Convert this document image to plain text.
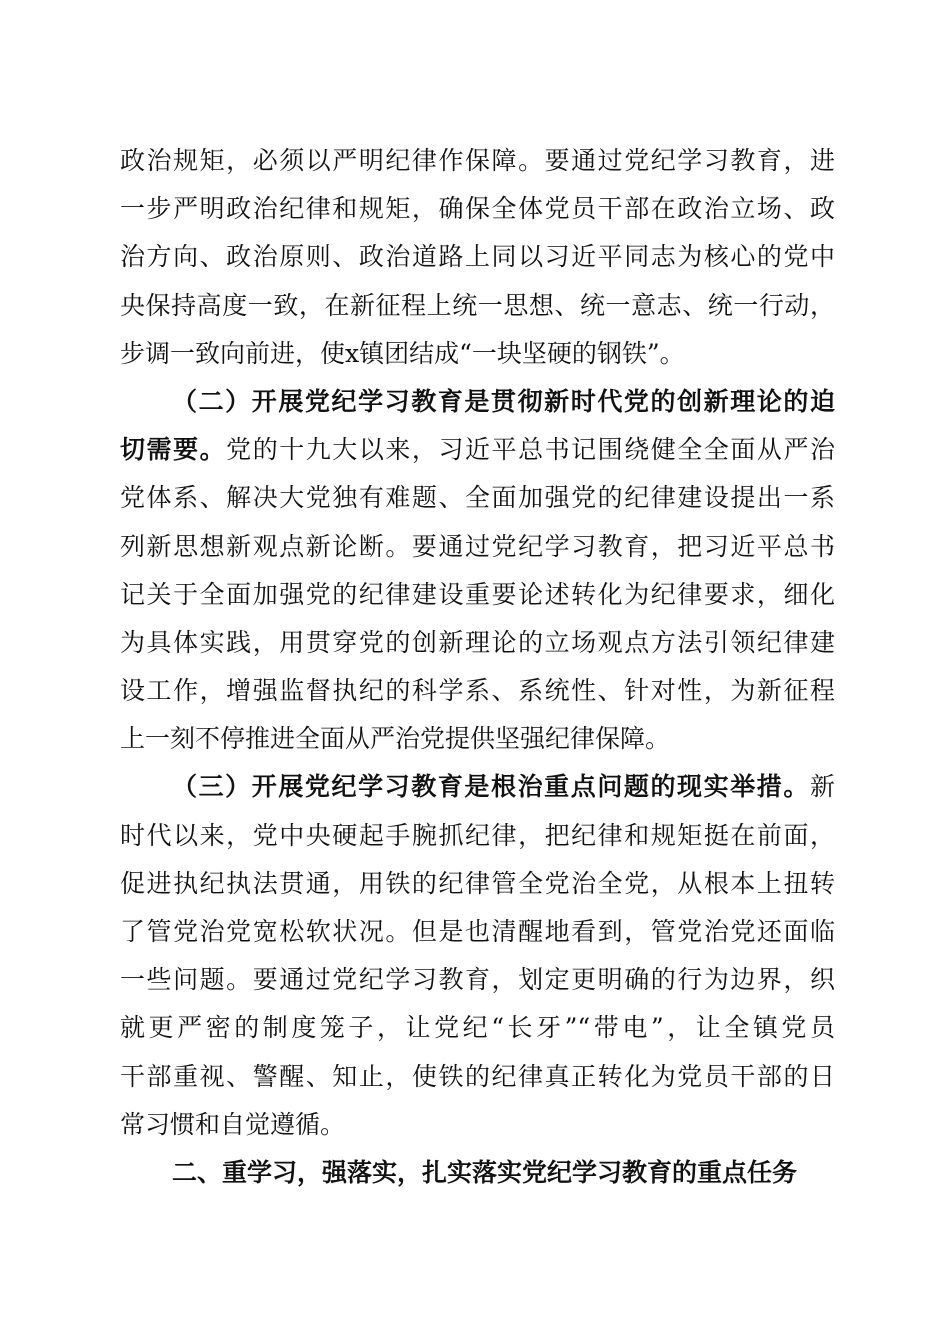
政治规矩，必须以严明纪律作保障。要通过党纪学习教育，进
一步严明政治纪律和规矩，确保全体党员干部在政治立场、政
治方向、政治原则、政治道路上同以习近平同志为核心的党中
央保持高度一致，在新征程上统一思想、统一意志、统一行动，
步调一致向前进，使x镇团结成“一块坚硬的钢铁”。
（二）开展党纪学习教育是贯彻新时代党的创新理论的迫
切需要。党的十九大以来，习近平总书记围绕健全全面从严治
党体系、解决大党独有难题、全面加强党的纪律建设提出一系
列新思想新观点新论断。要通过党纪学习教育，把习近平总书
记关于全面加强党的纪律建设重要论述转化为纪律要求，细化
为具体实践，用贯穿党的创新理论的立场观点方法引领纪律建
设工作，增强监督执纪的科学系、系统性、针对性，为新征程
上一刻不停推进全面从严治党提供坚强纪律保障。
（三）开展党纪学习教育是根治重点问题的现实举措。新
时代以来，党中央硬起手腕抓纪律，把纪律和规矩挺在前面，
促进执纪执法贯通，用铁的纪律管全党治全党，从根本上扭转
了管党治党宽松软状况。但是也清醒地看到，管党治党还面临
一些问题。要通过党纪学习教育，划定更明确的行为边界，织
就更严密的制度笼子，让党纪“长牙”“带电”，让全镇党员
干部重视、警醒、知止，使铁的纪律真正转化为党员干部的日
常习惯和自觉遵循。
二、重学习，强落实，扎实落实党纪学习教育的重点任务
